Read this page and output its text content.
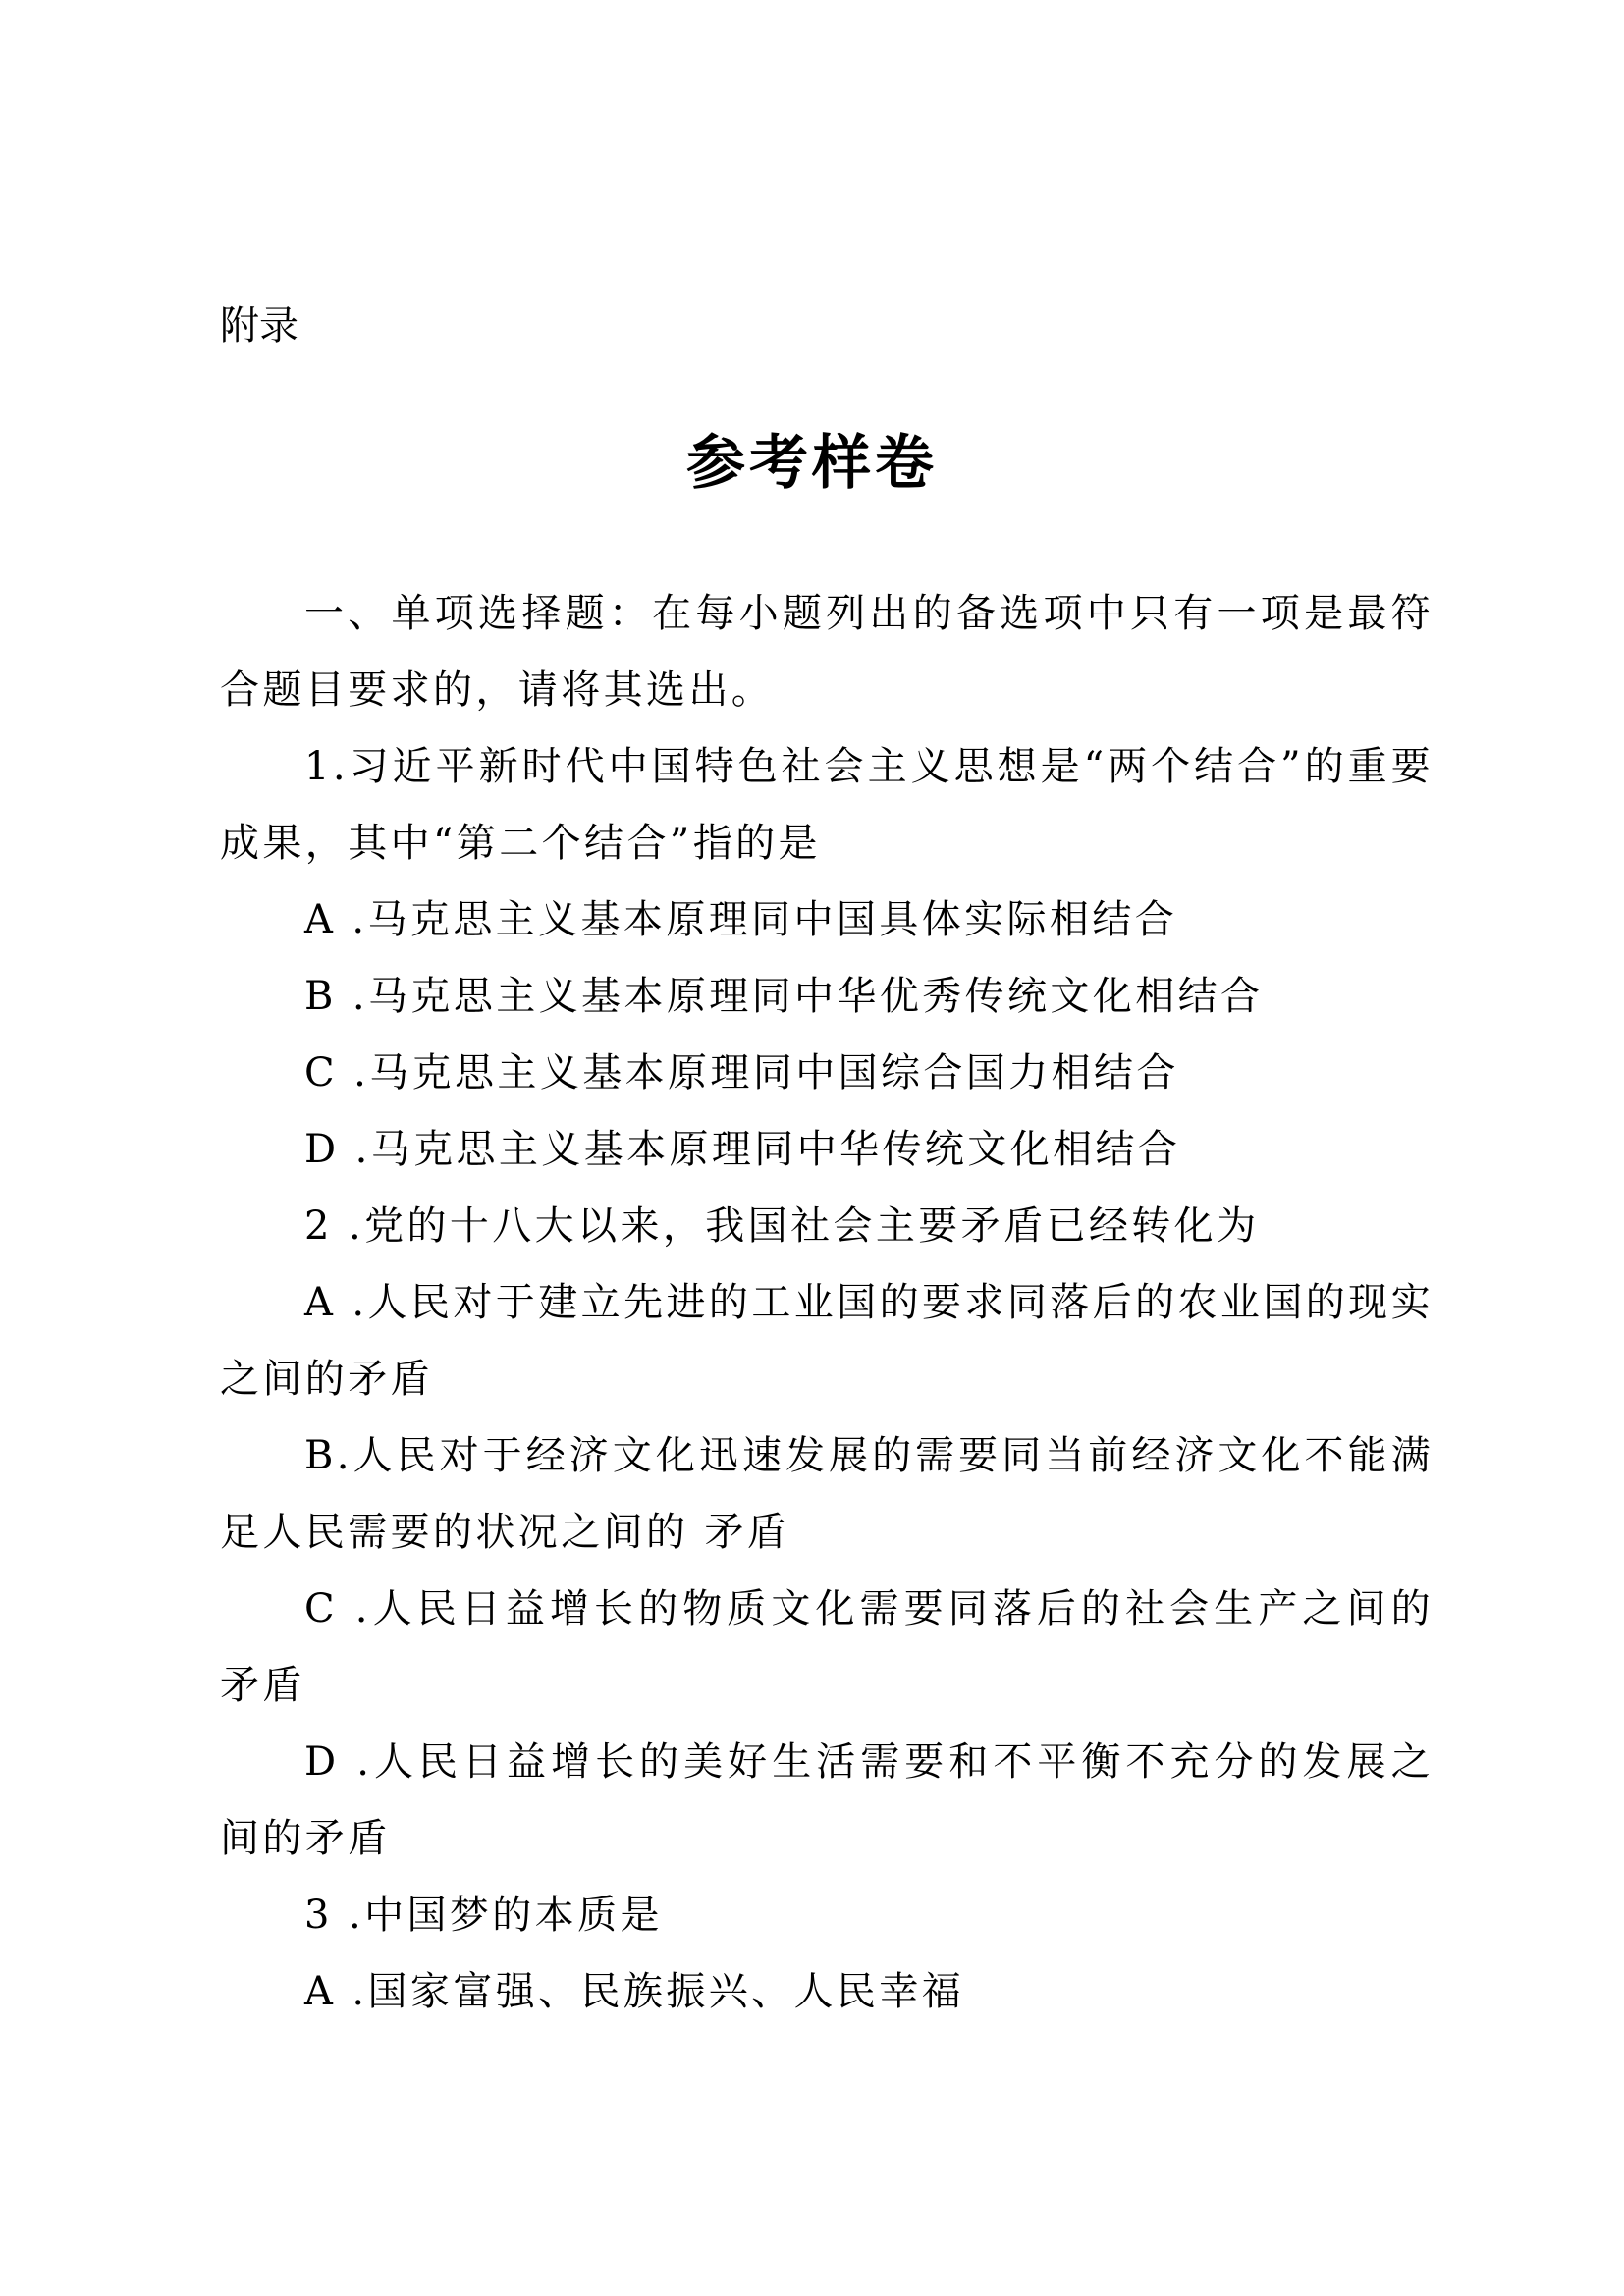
附录
参考样卷

一、单项选择题：在每小题列出的备选项中只有一项是最符合题目要求的，请将其选出。

1.习近平新时代中国特色社会主义思想是“两个结合”的重要成果，其中“第二个结合”指的是

A .马克思主义基本原理同中国具体实际相结合

B .马克思主义基本原理同中华优秀传统文化相结合

C .马克思主义基本原理同中国综合国力相结合

D .马克思主义基本原理同中华传统文化相结合

2 .党的十八大以来，我国社会主要矛盾已经转化为

A .人民对于建立先进的工业国的要求同落后的农业国的现实之间的矛盾

B.人民对于经济文化迅速发展的需要同当前经济文化不能满足人民需要的状况之间的 矛盾

C .人民日益增长的物质文化需要同落后的社会生产之间的矛盾

D .人民日益增长的美好生活需要和不平衡不充分的发展之间的矛盾

3 .中国梦的本质是

A .国家富强、民族振兴、人民幸福
